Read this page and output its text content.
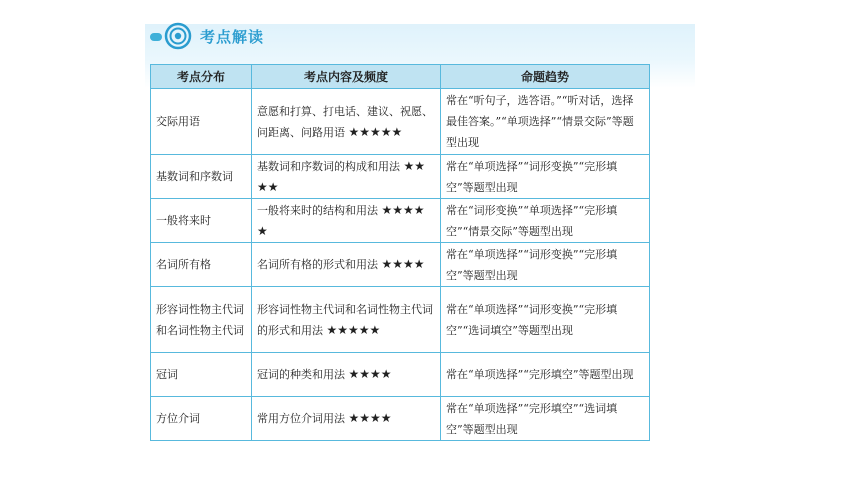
考点解读
考点分布	考点内容及频度	命题趋势
交际用语	意愿和打算、打电话、建议、祝愿、问距离、问路用语 ★★★★★	常在“听句子，选答语。”“听对话，选择最佳答案。”“单项选择”“情景交际”等题型出现
基数词和序数词	基数词和序数词的构成和用法 ★★★★	常在“单项选择”“词形变换”“完形填空”等题型出现
一般将来时	一般将来时的结构和用法 ★★★★★	常在“词形变换”“单项选择”“完形填空”“情景交际”等题型出现
名词所有格	名词所有格的形式和用法 ★★★★	常在“单项选择”“词形变换”“完形填空”等题型出现
形容词性物主代词和名词性物主代词	形容词性物主代词和名词性物主代词的形式和用法 ★★★★★	常在“单项选择”“词形变换”“完形填空”“选词填空”等题型出现
冠词	冠词的种类和用法 ★★★★	常在“单项选择”“完形填空”等题型出现
方位介词	常用方位介词用法 ★★★★	常在“单项选择”“完形填空”“选词填空”等题型出现
